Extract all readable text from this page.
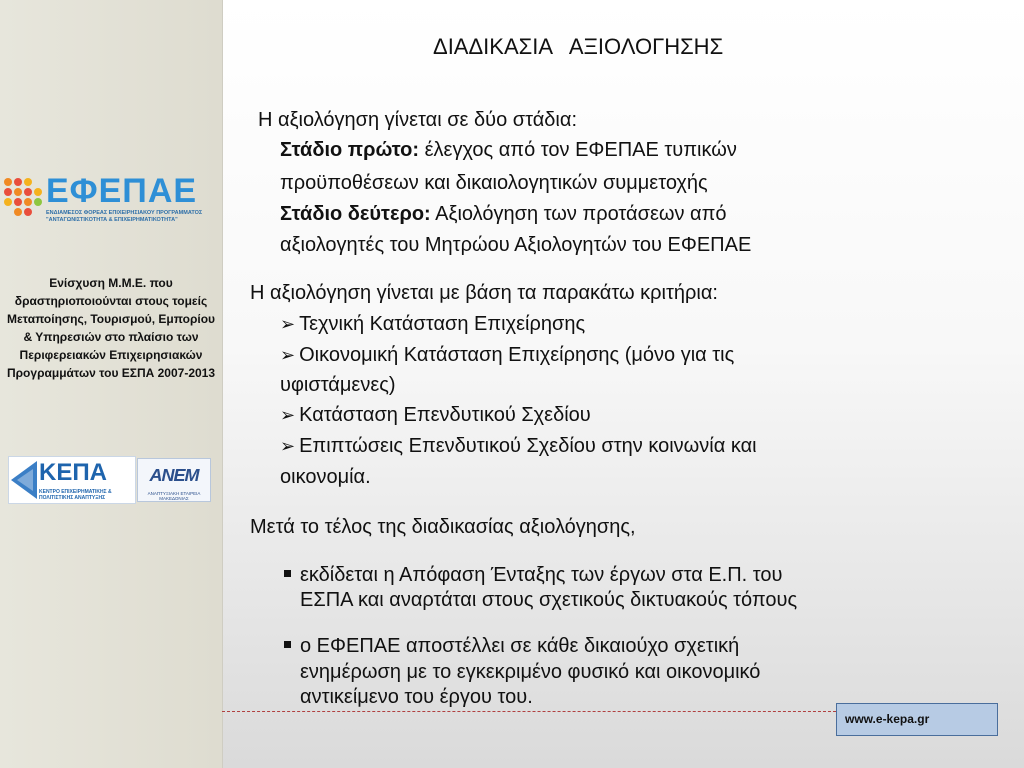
ΕΦΕΠΑΕ
ΕΝΔΙΑΜΕΣΟΣ ΦΟΡΕΑΣ ΕΠΙΧΕΙΡΗΣΙΑΚΟΥ ΠΡΟΓΡΑΜΜΑΤΟΣ "ΑΝΤΑΓΩΝΙΣΤΙΚΟΤΗΤΑ & ΕΠΙΧΕΙΡΗΜΑΤΙΚΟΤΗΤΑ"
Ενίσχυση Μ.Μ.Ε. που δραστηριοποιούνται στους τομείς Μεταποίησης, Τουρισμού, Εμπορίου & Υπηρεσιών στο πλαίσιο των Περιφερειακών Επιχειρησιακών Προγραμμάτων του ΕΣΠΑ 2007-2013
ΚΕΠΑ
ΚΕΝΤΡΟ ΕΠΙΧΕΙΡΗΜΑΤΙΚΗΣ & ΠΟΛΙΤΙΣΤΙΚΗΣ ΑΝΑΠΤΥΞΗΣ
ΑΝΕΜ
ΑΝΑΠΤΥΞΙΑΚΗ ΕΤΑΙΡΕΙΑ ΜΑΚΕΔΟΝΙΑΣ
ΔΙΑΔΙΚΑΣΙΑ   ΑΞΙΟΛΟΓΗΣΗΣ
Η αξιολόγηση γίνεται σε δύο στάδια:
Στάδιο πρώτο: έλεγχος από τον ΕΦΕΠΑΕ τυπικών
προϋποθέσεων και δικαιολογητικών συμμετοχής
Στάδιο δεύτερο: Αξιολόγηση των προτάσεων από
αξιολογητές του Μητρώου Αξιολογητών του ΕΦΕΠΑΕ
Η αξιολόγηση γίνεται με βάση τα παρακάτω κριτήρια:
➢ Τεχνική Κατάσταση Επιχείρησης
➢ Οικονομική Κατάσταση Επιχείρησης (μόνο για τις
υφιστάμενες)
➢ Κατάσταση Επενδυτικού Σχεδίου
➢ Επιπτώσεις Επενδυτικού Σχεδίου στην κοινωνία και
οικονομία.
Μετά το τέλος της διαδικασίας αξιολόγησης,
εκδίδεται η Απόφαση Ένταξης των έργων στα Ε.Π. του
ΕΣΠΑ και αναρτάται στους σχετικούς δικτυακούς τόπους
ο ΕΦΕΠΑΕ αποστέλλει σε κάθε δικαιούχο σχετική
ενημέρωση με το εγκεκριμένο φυσικό και οικονομικό
αντικείμενο του έργου του.
www.e-kepa.gr
